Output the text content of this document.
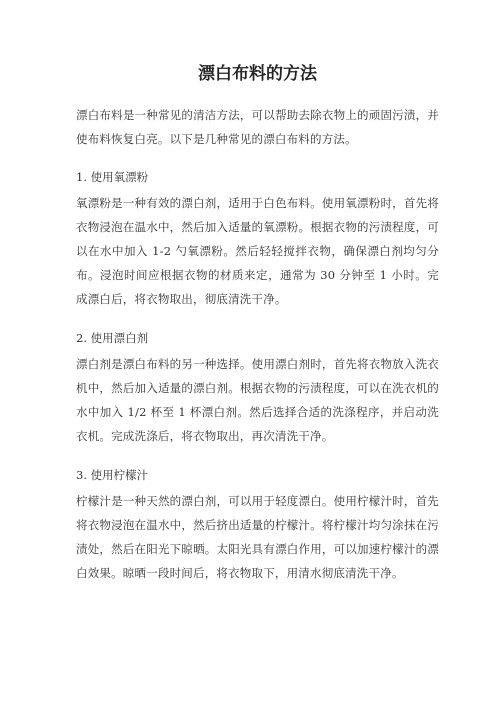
漂白布料的方法

漂白布料是一种常见的清洁方法，可以帮助去除衣物上的顽固污渍，并使布料恢复白亮。以下是几种常见的漂白布料的方法。

1. 使用氧漂粉

氧漂粉是一种有效的漂白剂，适用于白色布料。使用氧漂粉时，首先将衣物浸泡在温水中，然后加入适量的氧漂粉。根据衣物的污渍程度，可以在水中加入 1-2 勺氧漂粉。然后轻轻搅拌衣物，确保漂白剂均匀分布。浸泡时间应根据衣物的材质来定，通常为 30 分钟至 1 小时。完成漂白后，将衣物取出，彻底清洗干净。

2. 使用漂白剂

漂白剂是漂白布料的另一种选择。使用漂白剂时，首先将衣物放入洗衣机中，然后加入适量的漂白剂。根据衣物的污渍程度，可以在洗衣机的水中加入 1/2 杯至 1 杯漂白剂。然后选择合适的洗涤程序，并启动洗衣机。完成洗涤后，将衣物取出，再次清洗干净。

3. 使用柠檬汁

柠檬汁是一种天然的漂白剂，可以用于轻度漂白。使用柠檬汁时，首先将衣物浸泡在温水中，然后挤出适量的柠檬汁。将柠檬汁均匀涂抹在污渍处，然后在阳光下晾晒。太阳光具有漂白作用，可以加速柠檬汁的漂白效果。晾晒一段时间后，将衣物取下，用清水彻底清洗干净。
